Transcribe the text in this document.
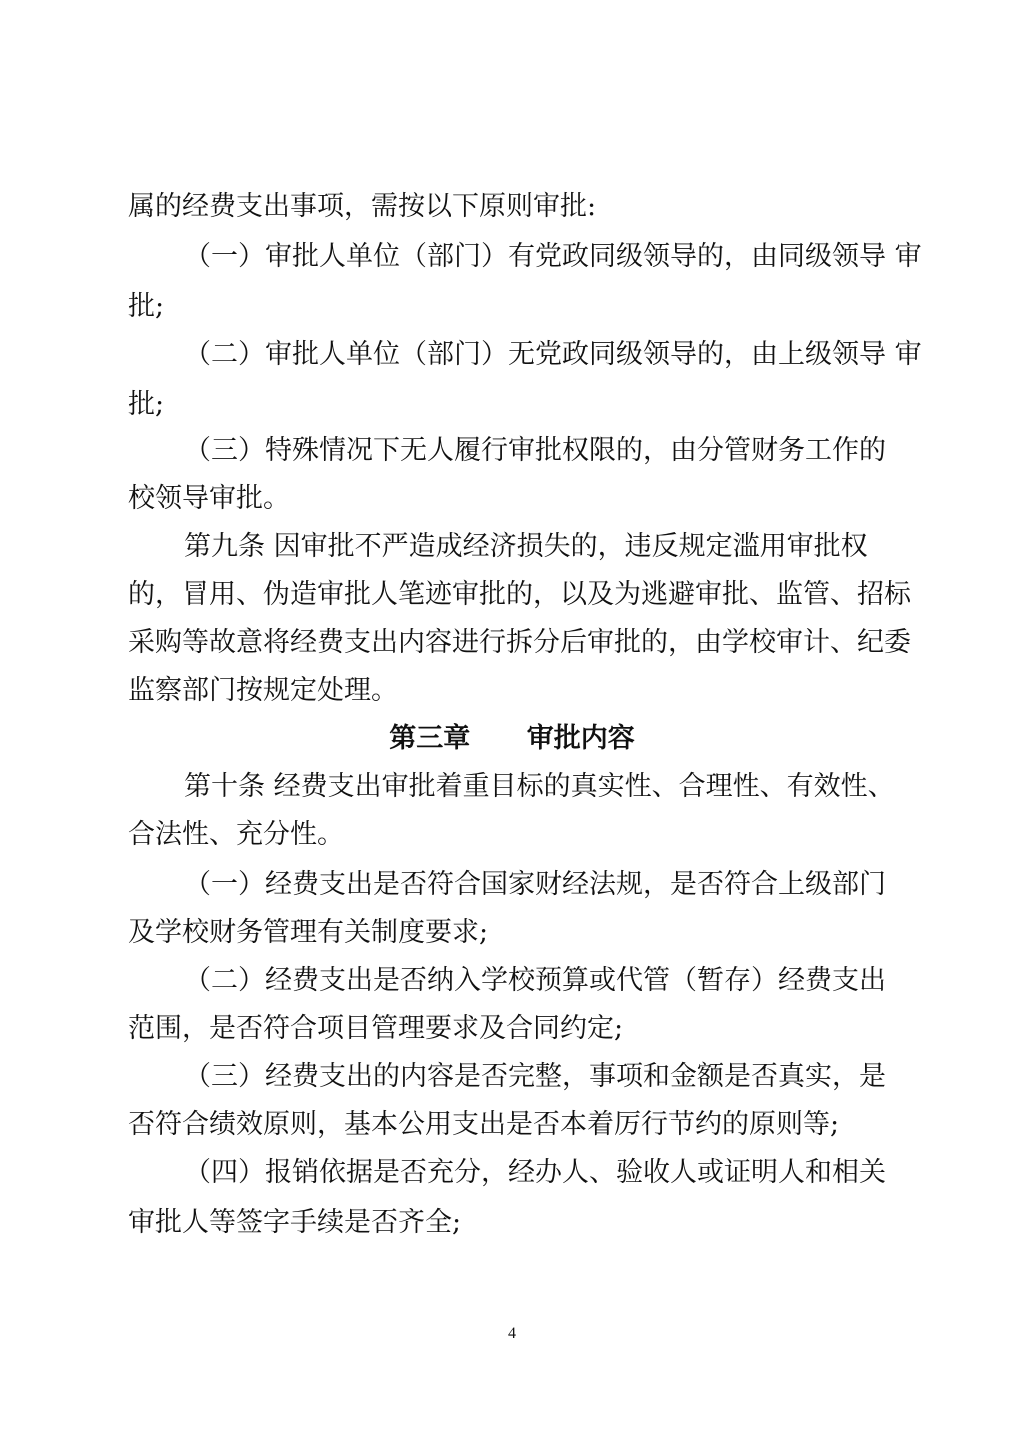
属的经费支出事项，需按以下原则审批:
（一）审批人单位（部门）有党政同级领导的，由同级领导 审
批;
（二）审批人单位（部门）无党政同级领导的，由上级领导 审
批;
（三）特殊情况下无人履行审批权限的，由分管财务工作的
校领导审批。
第九条 因审批不严造成经济损失的，违反规定滥用审批权
的，冒用、伪造审批人笔迹审批的，以及为逃避审批、监管、招标
采购等故意将经费支出内容进行拆分后审批的，由学校审计、纪委
监察部门按规定处理。
第三章      审批内容
第十条 经费支出审批着重目标的真实性、合理性、有效性、
合法性、充分性。
（一）经费支出是否符合国家财经法规，是否符合上级部门
及学校财务管理有关制度要求;
（二）经费支出是否纳入学校预算或代管（暂存）经费支出
范围，是否符合项目管理要求及合同约定;
（三）经费支出的内容是否完整，事项和金额是否真实，是
否符合绩效原则，基本公用支出是否本着厉行节约的原则等;
（四）报销依据是否充分，经办人、验收人或证明人和相关
审批人等签字手续是否齐全;
4
